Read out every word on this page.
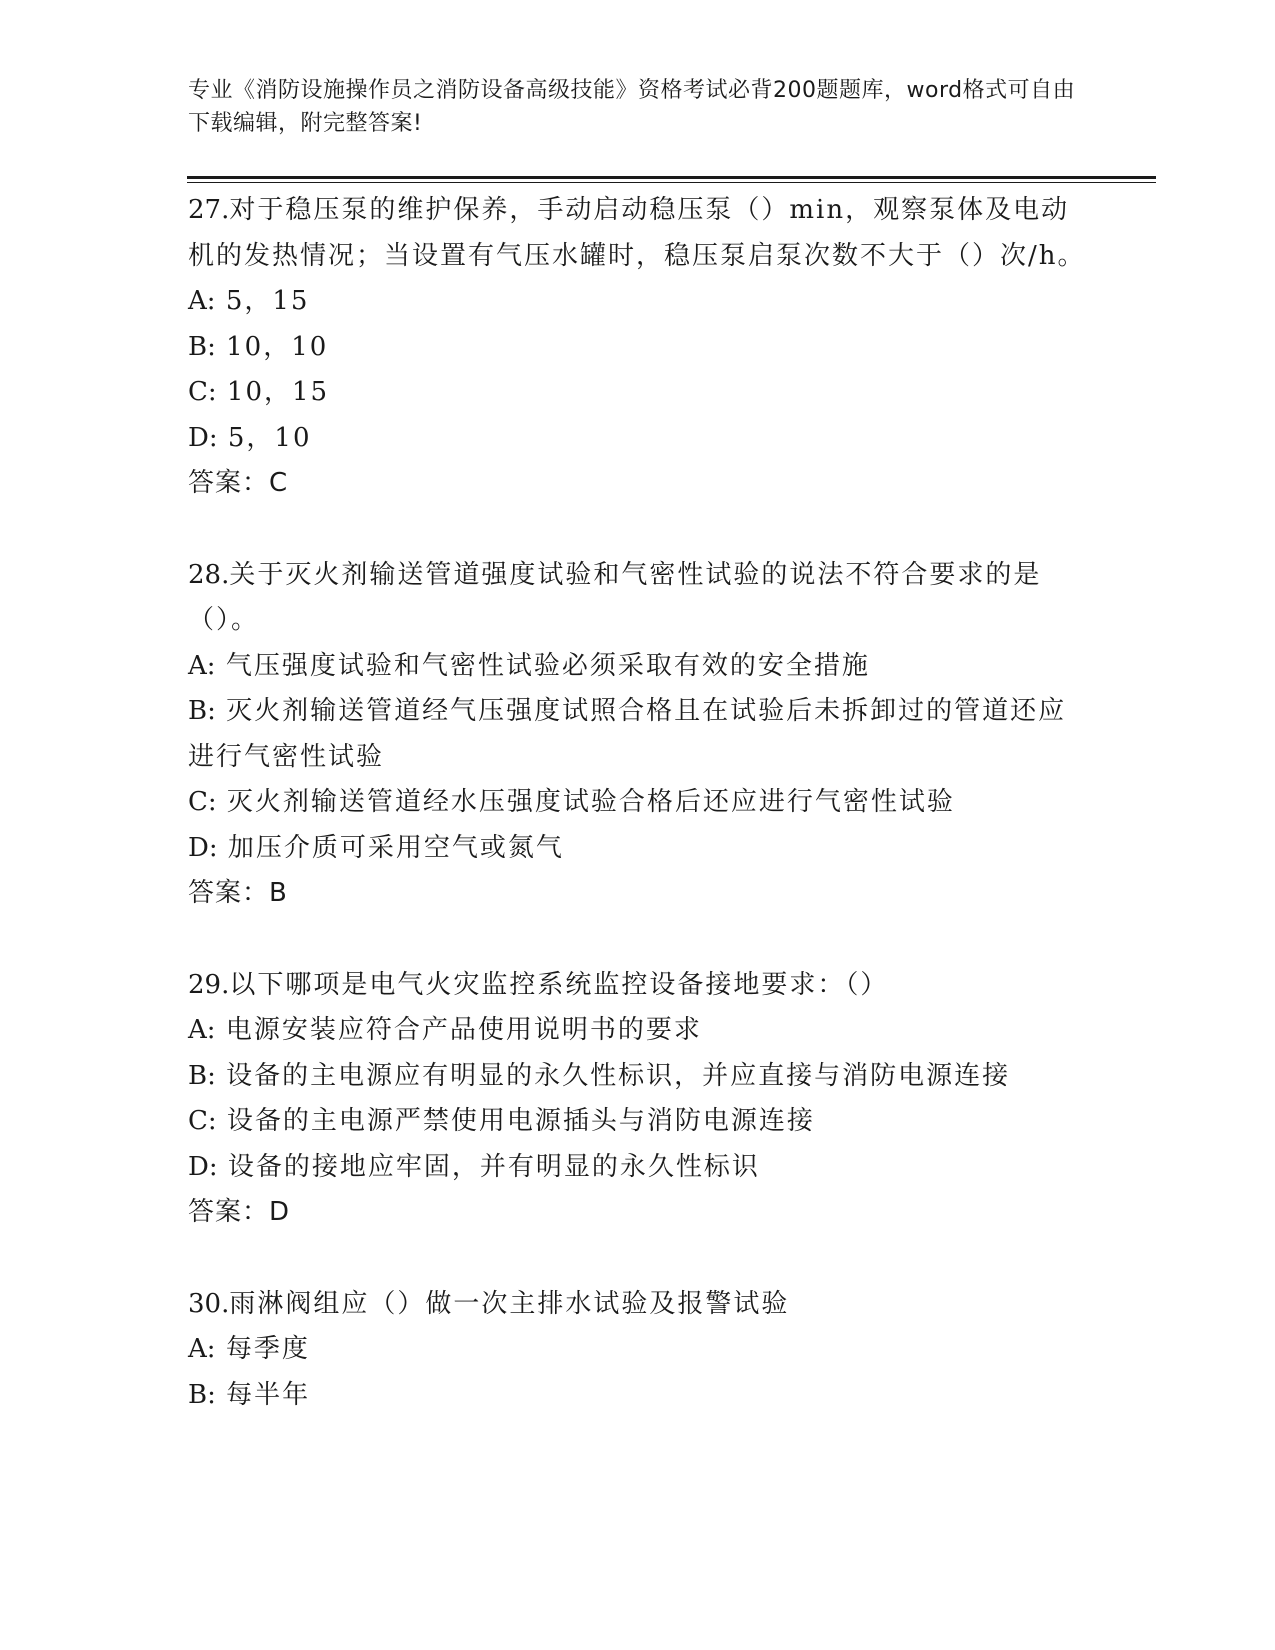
专业《消防设施操作员之消防设备高级技能》资格考试必背200题题库，word格式可自由下载编辑，附完整答案!

27.对于稳压泵的维护保养，手动启动稳压泵（）min，观察泵体及电动机的发热情况；当设置有气压水罐时，稳压泵启泵次数不大于（）次/h。

A: 5，15

B: 10，10

C: 10，15

D: 5，10

答案：C

28.关于灭火剂输送管道强度试验和气密性试验的说法不符合要求的是（）。

A: 气压强度试验和气密性试验必须采取有效的安全措施

B: 灭火剂输送管道经气压强度试照合格且在试验后未拆卸过的管道还应进行气密性试验

C: 灭火剂输送管道经水压强度试验合格后还应进行气密性试验

D: 加压介质可采用空气或氮气

答案：B

29.以下哪项是电气火灾监控系统监控设备接地要求：（）

A: 电源安装应符合产品使用说明书的要求

B: 设备的主电源应有明显的永久性标识，并应直接与消防电源连接

C: 设备的主电源严禁使用电源插头与消防电源连接

D: 设备的接地应牢固，并有明显的永久性标识

答案：D

30.雨淋阀组应（）做一次主排水试验及报警试验

A: 每季度

B: 每半年
